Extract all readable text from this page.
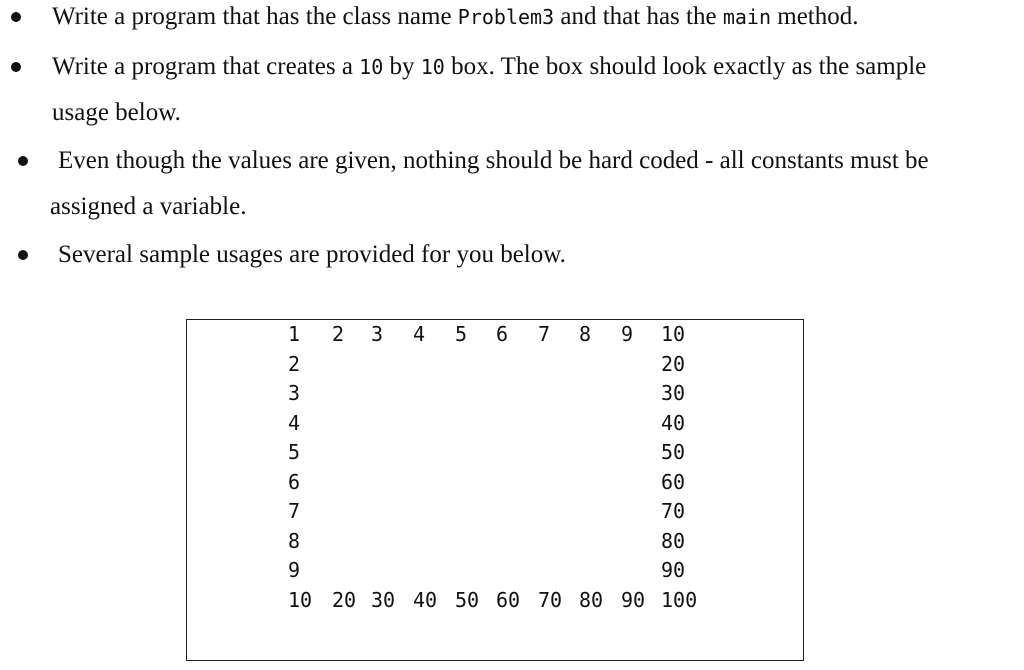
Write a program that has the class name Problem3 and that has the main method.
Write a program that creates a 10 by 10 box. The box should look exactly as the sample
usage below.
Even though the values are given, nothing should be hard coded - all constants must be
assigned a variable.
Several sample usages are provided for you below.
1 2 3 4 5 6 7 8 9 10
2
3
4
5
6
7
8
9
20
30
40
50
60
70
80
90
10 20 30 40 50 60 70 80 90 100
